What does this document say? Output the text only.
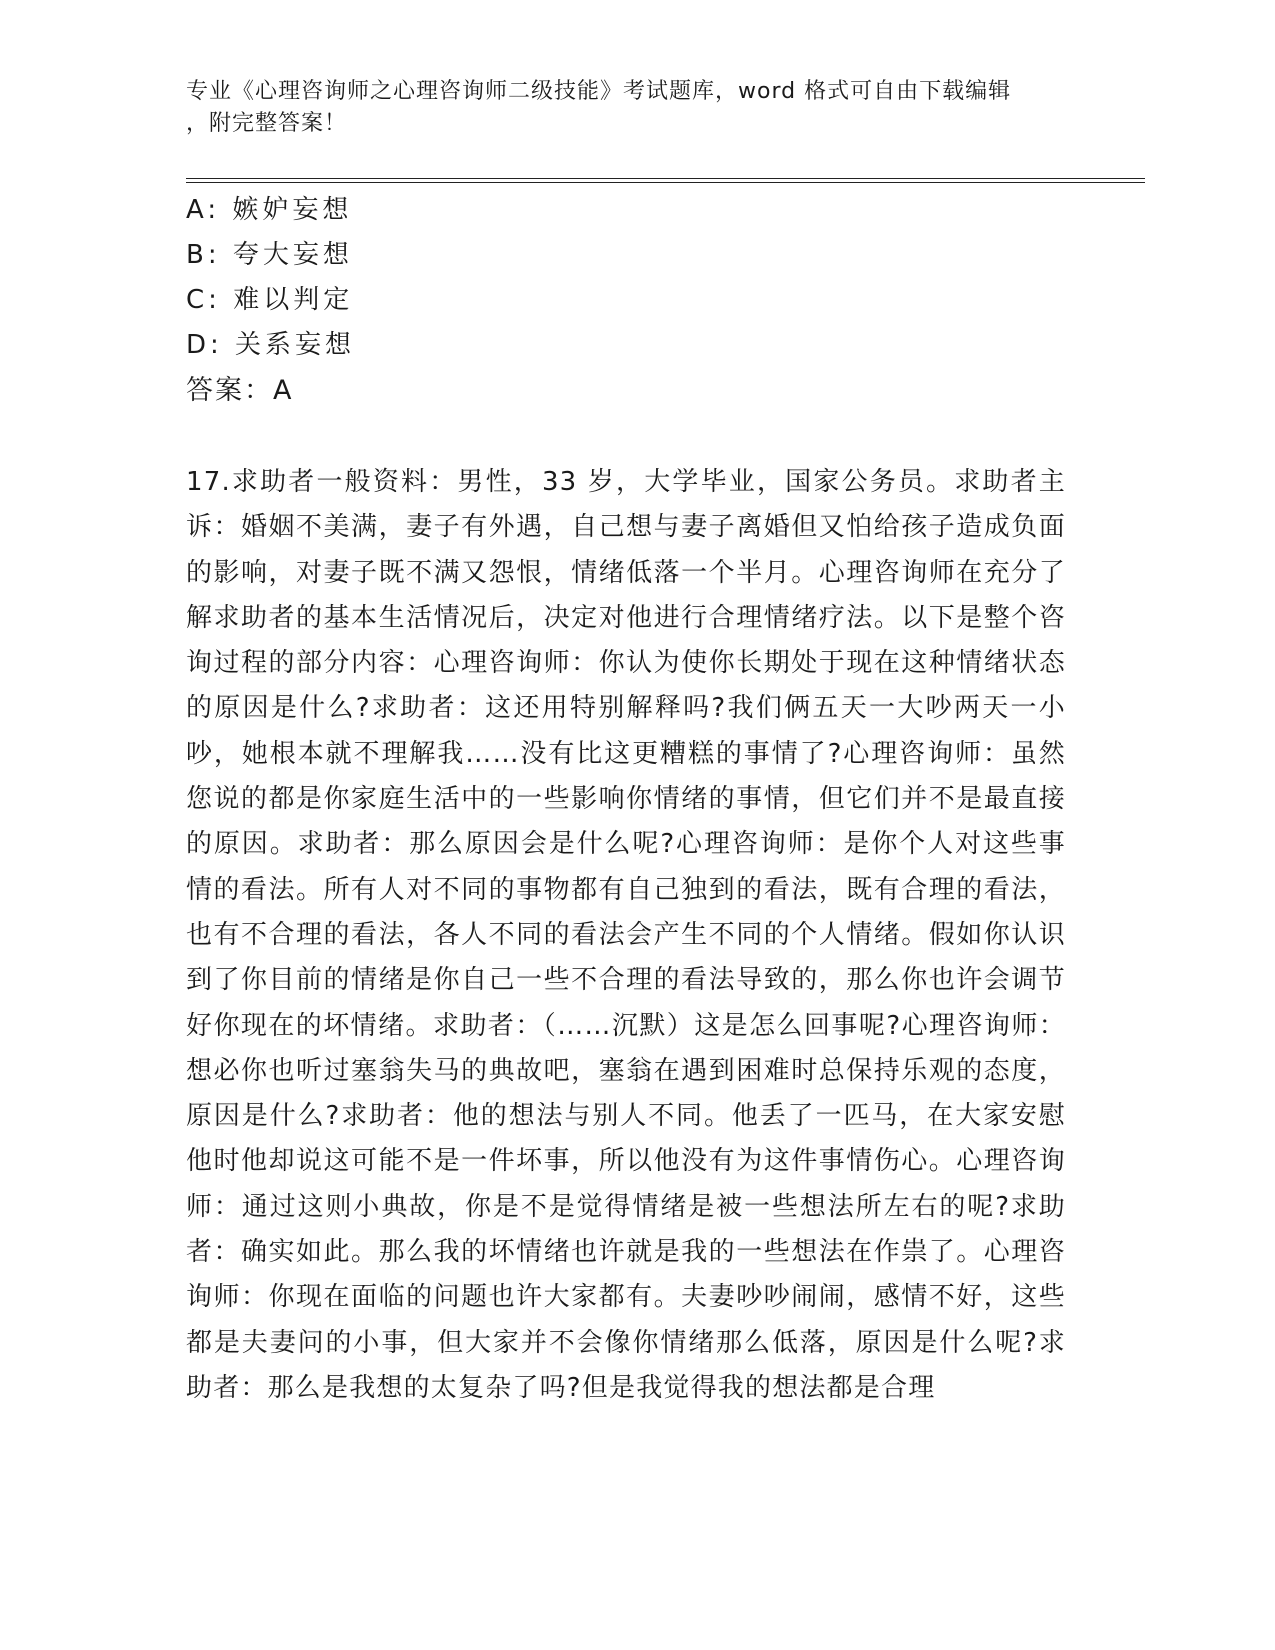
专业《心理咨询师之心理咨询师二级技能》考试题库，word 格式可自由下载编辑
，附完整答案！
A: 嫉妒妄想
B: 夸大妄想
C: 难以判定
D: 关系妄想
答案：A
17.求助者一般资料：男性，33 岁，大学毕业，国家公务员。求助者主诉：婚姻不美满，妻子有外遇，自己想与妻子离婚但又怕给孩子造成负面的影响，对妻子既不满又怨恨，情绪低落一个半月。心理咨询师在充分了解求助者的基本生活情况后，决定对他进行合理情绪疗法。以下是整个咨询过程的部分内容：心理咨询师：你认为使你长期处于现在这种情绪状态的原因是什么?求助者：这还用特别解释吗?我们俩五天一大吵两天一小吵，她根本就不理解我……没有比这更糟糕的事情了?心理咨询师：虽然您说的都是你家庭生活中的一些影响你情绪的事情，但它们并不是最直接的原因。求助者：那么原因会是什么呢?心理咨询师：是你个人对这些事情的看法。所有人对不同的事物都有自己独到的看法，既有合理的看法，也有不合理的看法，各人不同的看法会产生不同的个人情绪。假如你认识到了你目前的情绪是你自己一些不合理的看法导致的，那么你也许会调节好你现在的坏情绪。求助者：（……沉默）这是怎么回事呢?心理咨询师：想必你也听过塞翁失马的典故吧，塞翁在遇到困难时总保持乐观的态度，原因是什么?求助者：他的想法与别人不同。他丢了一匹马，在大家安慰他时他却说这可能不是一件坏事，所以他没有为这件事情伤心。心理咨询师：通过这则小典故，你是不是觉得情绪是被一些想法所左右的呢?求助者：确实如此。那么我的坏情绪也许就是我的一些想法在作祟了。心理咨询师：你现在面临的问题也许大家都有。夫妻吵吵闹闹，感情不好，这些都是夫妻问的小事，但大家并不会像你情绪那么低落，原因是什么呢?求助者：那么是我想的太复杂了吗?但是我觉得我的想法都是合理
